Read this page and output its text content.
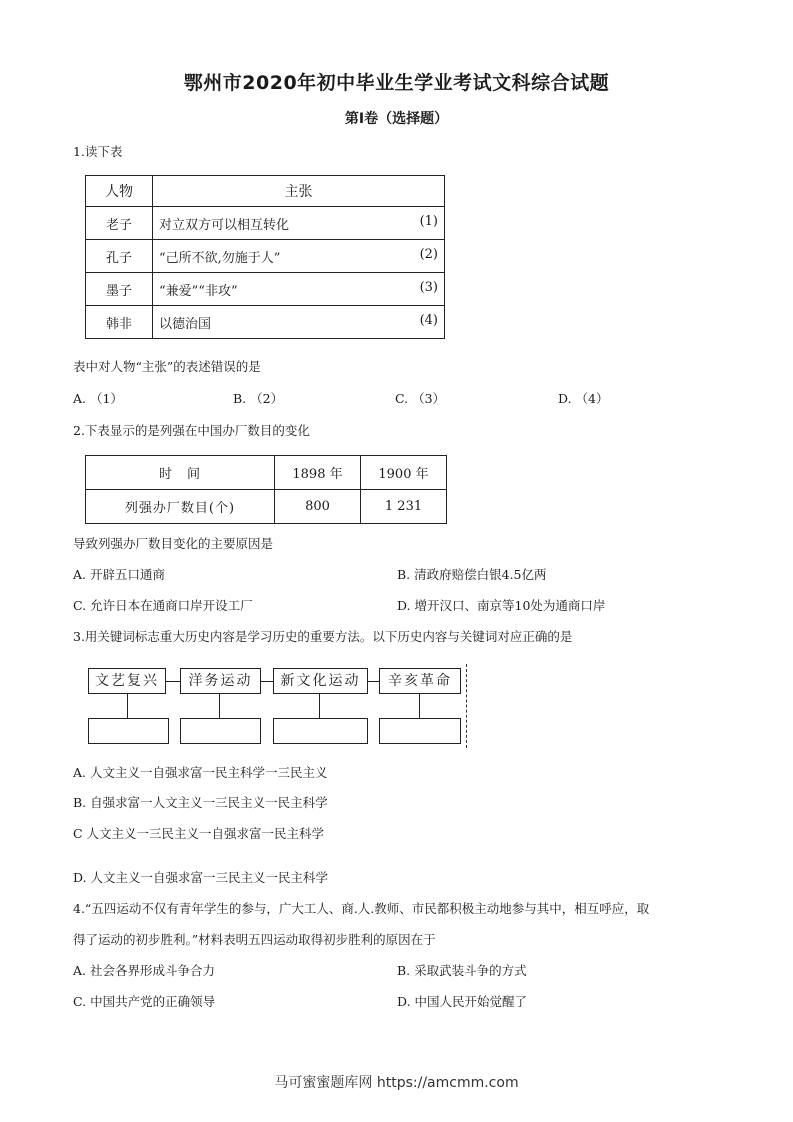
鄂州市2020年初中毕业生学业考试文科综合试题
第Ⅰ卷（选择题）
1.读下表
人物	主张
老子	对立双方可以相互转化 (1)

孔子	“己所不欲,勿施于人” (2)

墨子	“兼爱”“非攻” (3)

韩非	以德治国 (4)
表中对人物“主张”的表述错误的是
A. （1）	B. （2）	C. （3）	D. （4）
2.下表显示的是列强在中国办厂数目的变化
时　间	1898 年	1900 年
列强办厂数目(个)	800	1 231
导致列强办厂数目变化的主要原因是
A. 开辟五口通商	B. 清政府赔偿白银4.5亿两
C. 允许日本在通商口岸开设工厂	D. 增开汉口、南京等10处为通商口岸
3.用关键词标志重大历史内容是学习历史的重要方法。以下历史内容与关键词对应正确的是
文艺复兴	洋务运动	新文化运动	辛亥革命
A. 人文主义一自强求富一民主科学一三民主义
B. 自强求富一人文主义一三民主义一民主科学
C 人文主义一三民主义一自强求富一民主科学
D. 人文主义一自强求富一三民主义一民主科学
4.“五四运动不仅有青年学生的参与，广大工人、商.人.教师、市民都积极主动地参与其中，相互呼应，取
得了运动的初步胜利。”材料表明五四运动取得初步胜利的原因在于
A. 社会各界形成斗争合力	B. 采取武装斗争的方式
C. 中国共产党的正确领导	D. 中国人民开始觉醒了
马可蜜蜜题库网 https://amcmm.com
